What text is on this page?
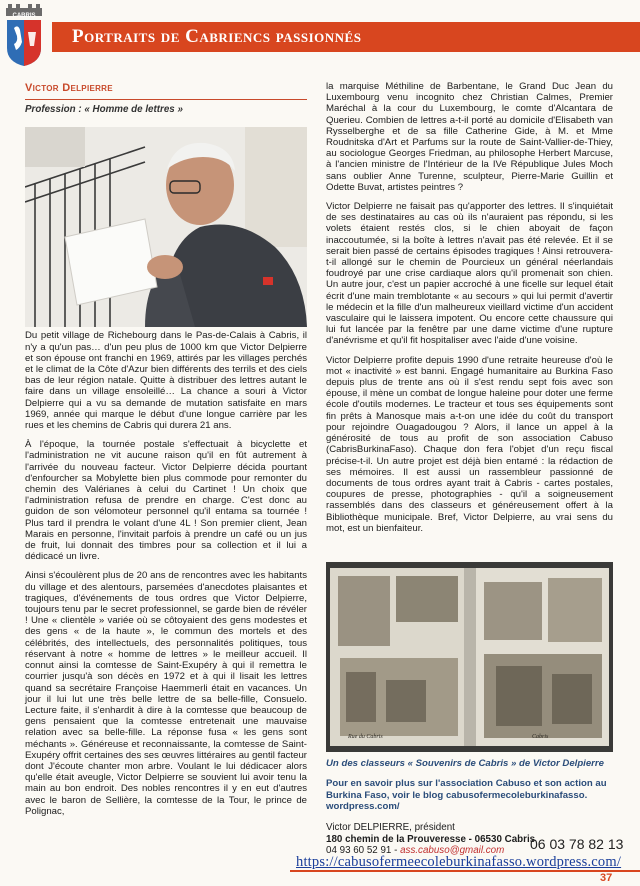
CABRIS
Portraits de Cabriencs passionnés
Victor Delpierre
Profession : « Homme de lettres »

Du petit village de Richebourg dans le Pas-de-Calais à Cabris, il n'y a qu'un pas… d'un peu plus de 1000 km que Victor Delpierre et son épouse ont franchi en 1969, attirés par les villages perchés et le climat de la Côte d'Azur bien différents des terrils et des ciels bas de leur région natale. Quitte à distribuer des lettres autant le faire dans un village ensoleillé… La chance a souri à Victor Delpierre qui a vu sa demande de mutation satisfaite en mars 1969, année qui marque le début d'une longue carrière par les rues et les chemins de Cabris qui durera 21 ans.

À l'époque, la tournée postale s'effectuait à bicyclette et l'administration ne vit aucune raison qu'il en fût autrement à l'arrivée du nouveau facteur. Victor Delpierre décida pourtant d'enfourcher sa Mobylette bien plus commode pour remonter du chemin des Valérianes à celui du Cartinet ! Un choix que l'administration refusa de prendre en charge. C'est donc au guidon de son vélomoteur personnel qu'il entama sa tournée ! Plus tard il prendra le volant d'une 4L ! Son premier client, Jean Marais en personne, l'invitait parfois à prendre un café ou un jus de fruit, lui donnait des timbres pour sa collection et il lui a dédicacé un livre.

Ainsi s'écoulèrent plus de 20 ans de rencontres avec les habitants du village et des alentours, parsemées d'anecdotes plaisantes et tragiques, d'événements de tous ordres que Victor Delpierre, toujours tenu par le secret professionnel, se garde bien de révéler ! Une « clientèle » variée où se côtoyaient des gens modestes et des gens « de la haute », le commun des mortels et des célébrités, des intellectuels, des personnalités politiques, tous réservant à notre « homme de lettres » le meilleur accueil. Il connut ainsi la comtesse de Saint-Exupéry à qui il remettra le courrier jusqu'à son décès en 1972 et à qui il lisait les lettres quand sa secrétaire Françoise Haemmerli était en vacances. Un jour il lui lut une très belle lettre de sa belle-fille, Consuelo. Lecture faite, il s'enhardit à dire à la comtesse que beaucoup de gens pensaient que la comtesse entretenait une mauvaise relation avec sa belle-fille. La réponse fusa « les gens sont méchants ». Généreuse et reconnaissante, la comtesse de Saint-Exupéry offrit certaines des ses œuvres littéraires au gentil facteur dont J'écoute chanter mon arbre. Voulant le lui dédicacer alors qu'elle était aveugle, Victor Delpierre se souvient lui avoir tenu la main au bon endroit. Des nobles rencontres il y en eut d'autres avec le baron de Sellière, la comtesse de la Tour, le prince de Polignac,

la marquise Méthiline de Barbentane, le Grand Duc Jean du Luxembourg venu incognito chez Christian Calmes, Premier Maréchal à la cour du Luxembourg, le comte d'Alcantara de Querieu. Combien de lettres a-t-il porté au domicile d'Elisabeth van Rysselberghe et de sa fille Catherine Gide, à M. et Mme Roudnitska d'Art et Parfums sur la route de Saint-Vallier-de-Thiey, au sociologue Georges Friedman, au philosophe Herbert Marcuse, à l'ancien ministre de l'Intérieur de la IVe République Jules Moch sans oublier Anne Turenne, sculpteur, Pierre-Marie Guillin et Odette Buvat, artistes peintres ?

Victor Delpierre ne faisait pas qu'apporter des lettres. Il s'inquiétait de ses destinataires au cas où ils n'auraient pas répondu, si les volets étaient restés clos, si le chien aboyait de façon inaccoutumée, si la boîte à lettres n'avait pas été relevée. Et il se serait bien passé de certains épisodes tragiques ! Ainsi retrouvera-t-il allongé sur le chemin de Pourcieux un général néerlandais foudroyé par une crise cardiaque alors qu'il promenait son chien. Un autre jour, c'est un papier accroché à une ficelle sur lequel était écrit d'une main tremblotante « au secours » qui lui permit d'avertir le médecin et la fille d'un malheureux vieillard victime d'un accident vasculaire qui le laissera impotent. Ou encore cette chaussure qui lui fut lancée par la fenêtre par une dame victime d'une rupture d'anévrisme et qu'il fit hospitaliser avec l'aide d'une voisine.

Victor Delpierre profite depuis 1990 d'une retraite heureuse d'où le mot « inactivité » est banni. Engagé humanitaire au Burkina Faso depuis plus de trente ans où il s'est rendu sept fois avec son épouse, il mène un combat de longue haleine pour doter une ferme école d'outils modernes. Le tracteur et tous ses équipements sont fin prêts à Manosque mais a-t-on une idée du coût du transport pour rejoindre Ouagadougou ? Alors, il lance un appel à la générosité de tous au profit de son association Cabuso (CabrisBurkinaFaso). Chaque don fera l'objet d'un reçu fiscal précise-t-il. Un autre projet est déjà bien entamé : la rédaction de ses mémoires. Il est aussi un rassembleur passionné de documents de tous ordres ayant trait à Cabris - cartes postales, coupures de presse, photographies - qu'il a soigneusement rassemblés dans des classeurs et généreusement offert à la Bibliothèque municipale. Bref, Victor Delpierre, au vrai sens du mot, est un bienfaiteur.

Rue du Cabris	Cabris
Un des classeurs « Souvenirs de Cabris » de Victor Delpierre
Pour en savoir plus sur l'association Cabuso et son action au Burkina Faso, voir le blog cabusofermecoleburkinafasso. wordpress.com/
Victor DELPIERRE, président
180 chemin de la Prouveresse - 06530 Cabris
04 93 60 52 91 - ass.cabuso@gmail.com	06 03 78 82 13
https://cabusofermeecoleburkinafasso.wordpress.com/
37
